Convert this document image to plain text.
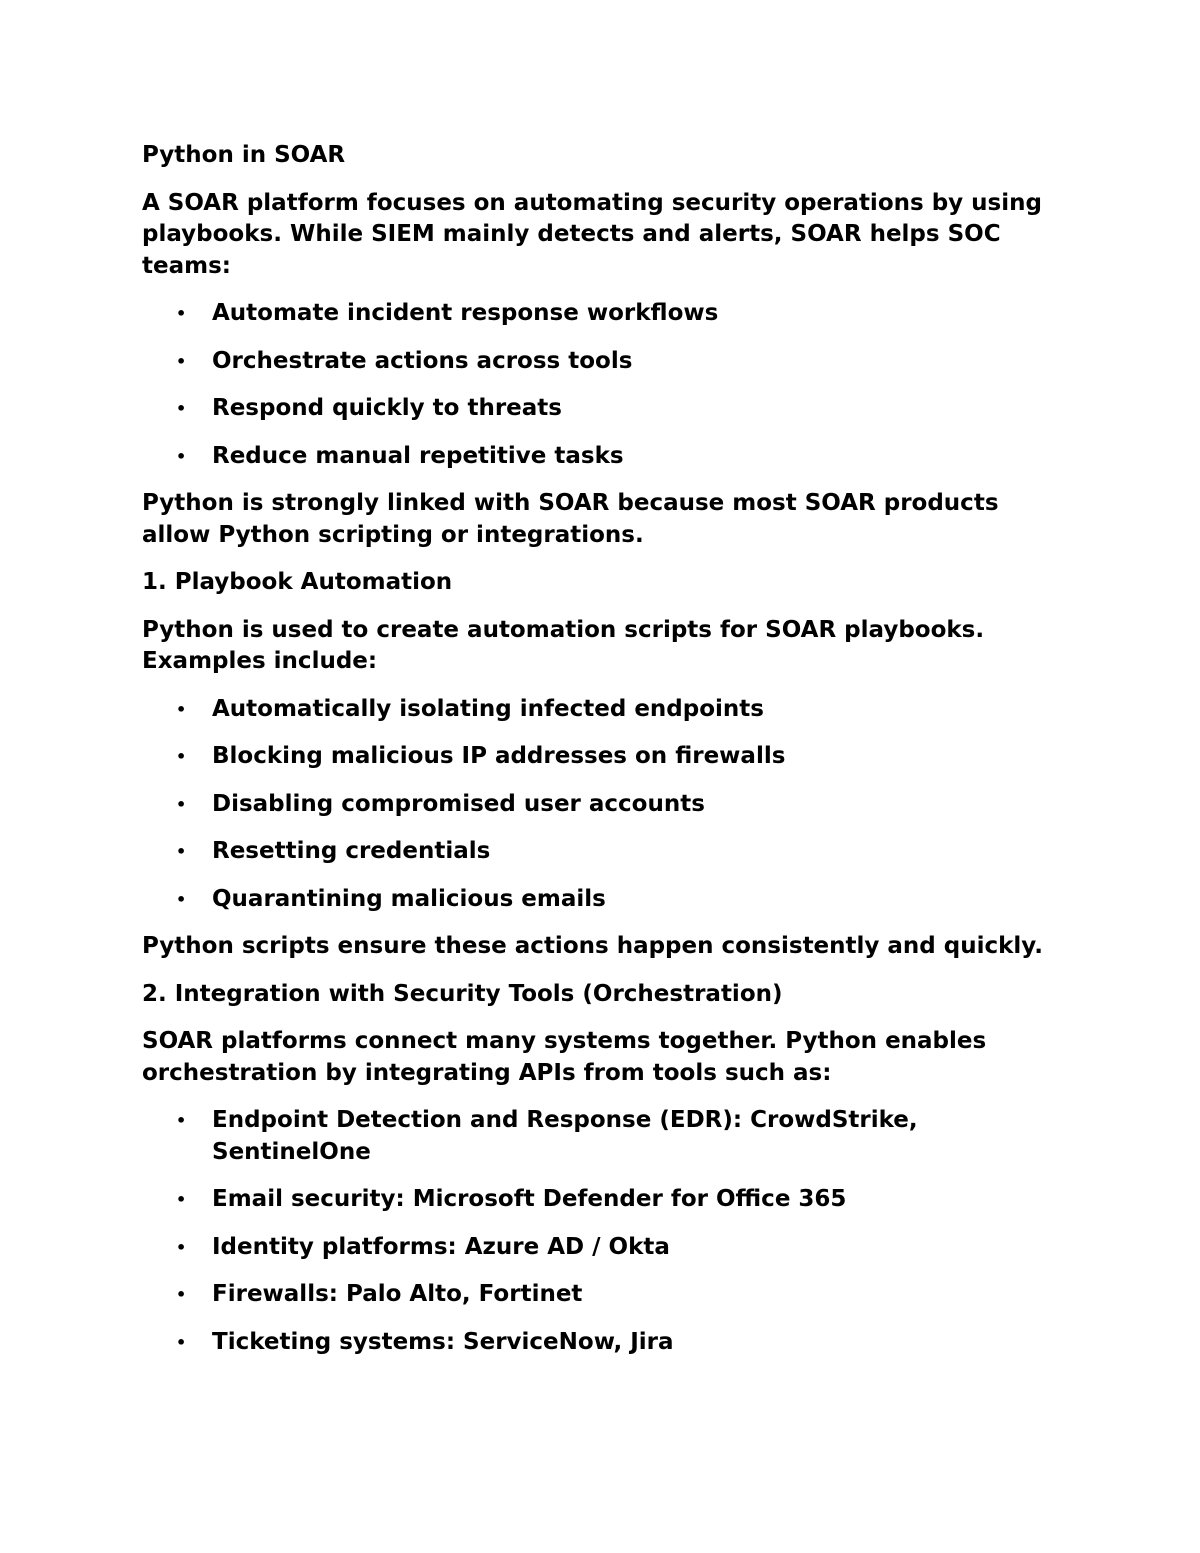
Python in SOAR

A SOAR platform focuses on automating security operations by using playbooks. While SIEM mainly detects and alerts, SOAR helps SOC teams:

• Automate incident response workflows
• Orchestrate actions across tools
• Respond quickly to threats
• Reduce manual repetitive tasks

Python is strongly linked with SOAR because most SOAR products allow Python scripting or integrations.

1. Playbook Automation

Python is used to create automation scripts for SOAR playbooks. Examples include:

• Automatically isolating infected endpoints
• Blocking malicious IP addresses on firewalls
• Disabling compromised user accounts
• Resetting credentials
• Quarantining malicious emails

Python scripts ensure these actions happen consistently and quickly.

2. Integration with Security Tools (Orchestration)

SOAR platforms connect many systems together. Python enables orchestration by integrating APIs from tools such as:

• Endpoint Detection and Response (EDR): CrowdStrike, SentinelOne
• Email security: Microsoft Defender for Office 365
• Identity platforms: Azure AD / Okta
• Firewalls: Palo Alto, Fortinet
• Ticketing systems: ServiceNow, Jira
